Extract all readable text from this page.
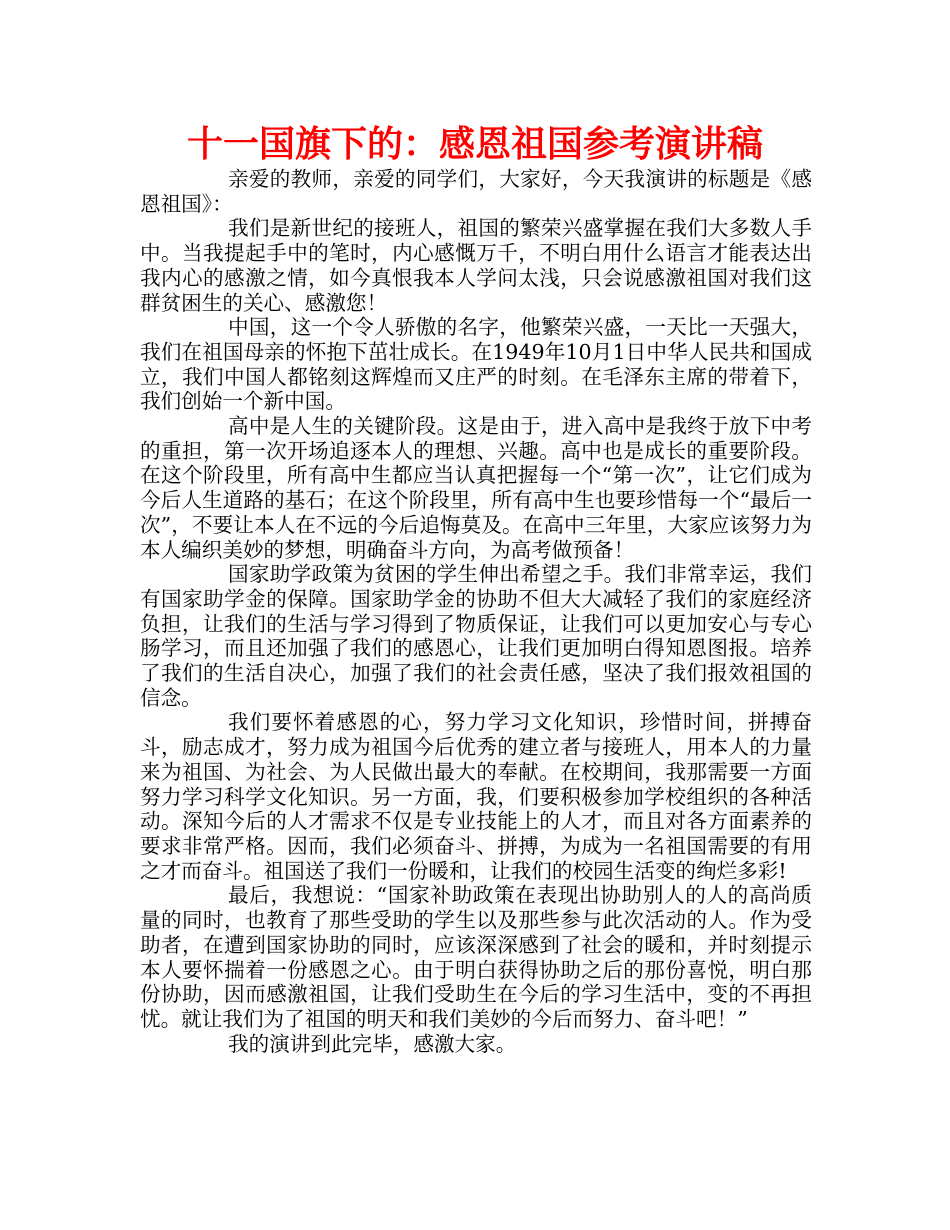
十一国旗下的：感恩祖国参考演讲稿

亲爱的教师，亲爱的同学们，大家好，今天我演讲的标题是《感恩祖国》：

我们是新世纪的接班人，祖国的繁荣兴盛掌握在我们大多数人手中。当我提起手中的笔时，内心感慨万千，不明白用什么语言才能表达出我内心的感激之情，如今真恨我本人学问太浅，只会说感激祖国对我们这群贫困生的关心、感激您！

中国，这一个令人骄傲的名字，他繁荣兴盛，一天比一天强大，我们在祖国母亲的怀抱下茁壮成长。在1949年10月1日中华人民共和国成立，我们中国人都铭刻这辉煌而又庄严的时刻。在毛泽东主席的带着下，我们创始一个新中国。

高中是人生的关键阶段。这是由于，进入高中是我终于放下中考的重担，第一次开场追逐本人的理想、兴趣。高中也是成长的重要阶段。在这个阶段里，所有高中生都应当认真把握每一个“第一次”，让它们成为今后人生道路的基石；在这个阶段里，所有高中生也要珍惜每一个“最后一次”，不要让本人在不远的今后追悔莫及。在高中三年里，大家应该努力为本人编织美妙的梦想，明确奋斗方向，为高考做预备！

国家助学政策为贫困的学生伸出希望之手。我们非常幸运，我们有国家助学金的保障。国家助学金的协助不但大大减轻了我们的家庭经济负担，让我们的生活与学习得到了物质保证，让我们可以更加安心与专心肠学习，而且还加强了我们的感恩心，让我们更加明白得知恩图报。培养了我们的生活自决心，加强了我们的社会责任感，坚决了我们报效祖国的信念。

我们要怀着感恩的心，努力学习文化知识，珍惜时间，拼搏奋斗，励志成才，努力成为祖国今后优秀的建立者与接班人，用本人的力量来为祖国、为社会、为人民做出最大的奉献。在校期间，我那需要一方面努力学习科学文化知识。另一方面，我，们要积极参加学校组织的各种活动。深知今后的人才需求不仅是专业技能上的人才，而且对各方面素养的要求非常严格。因而，我们必须奋斗、拼搏，为成为一名祖国需要的有用之才而奋斗。祖国送了我们一份暖和，让我们的校园生活变的绚烂多彩!

最后，我想说：“国家补助政策在表现出协助别人的人的高尚质量的同时，也教育了那些受助的学生以及那些参与此次活动的人。作为受助者，在遭到国家协助的同时，应该深深感到了社会的暖和，并时刻提示本人要怀揣着一份感恩之心。由于明白获得协助之后的那份喜悦，明白那份协助，因而感激祖国，让我们受助生在今后的学习生活中，变的不再担忧。就让我们为了祖国的明天和我们美妙的今后而努力、奋斗吧！”

我的演讲到此完毕，感激大家。
